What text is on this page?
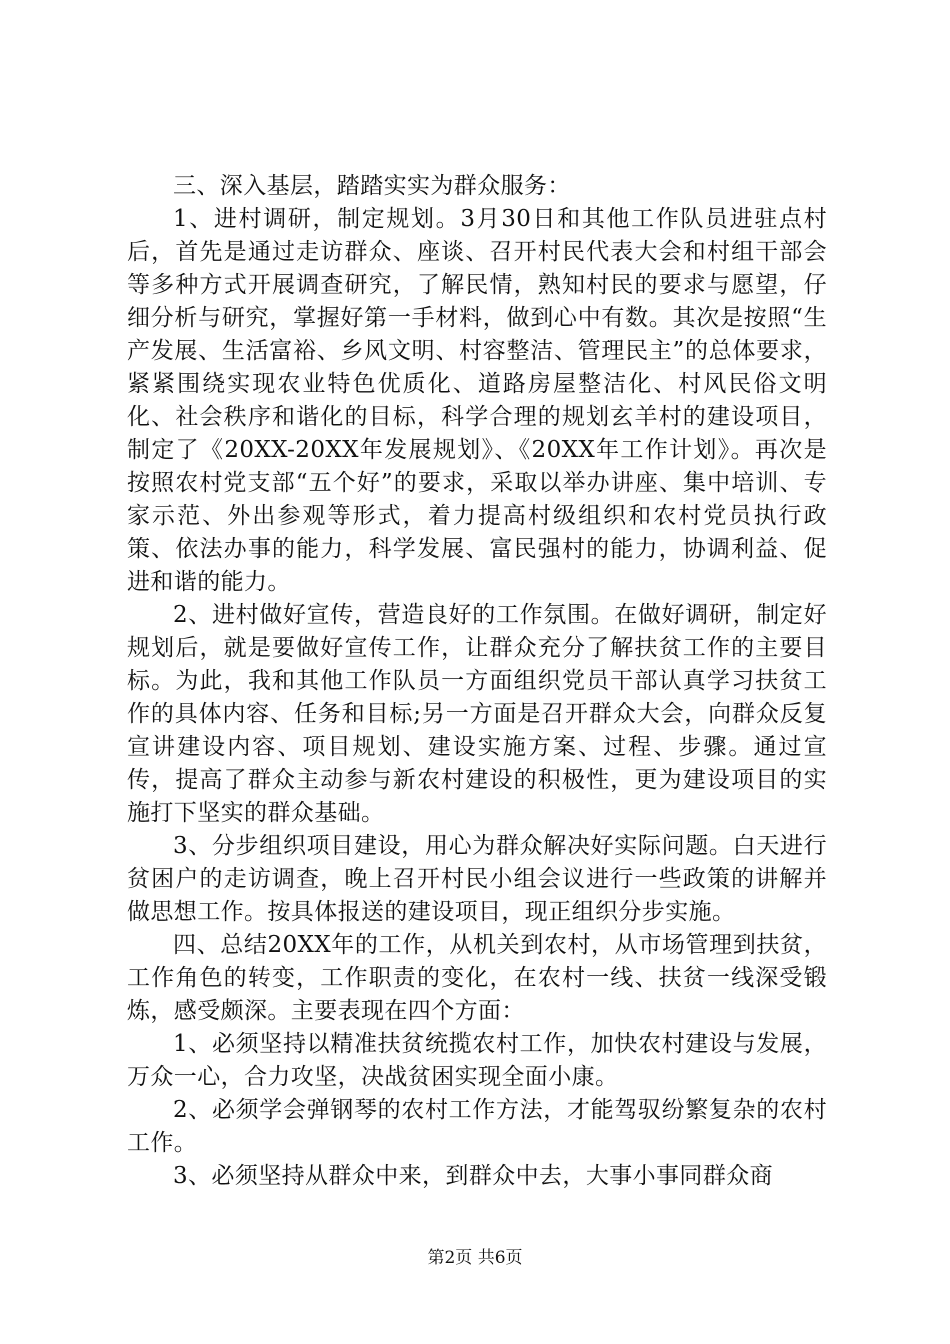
三、深入基层，踏踏实实为群众服务：

1、进村调研，制定规划。3月30日和其他工作队员进驻点村后，首先是通过走访群众、座谈、召开村民代表大会和村组干部会等多种方式开展调查研究，了解民情，熟知村民的要求与愿望，仔细分析与研究，掌握好第一手材料，做到心中有数。其次是按照“生产发展、生活富裕、乡风文明、村容整洁、管理民主”的总体要求，紧紧围绕实现农业特色优质化、道路房屋整洁化、村风民俗文明化、社会秩序和谐化的目标，科学合理的规划玄羊村的建设项目，制定了《20XX-20XX年发展规划》、《20XX年工作计划》。再次是按照农村党支部“五个好”的要求，采取以举办讲座、集中培训、专家示范、外出参观等形式，着力提高村级组织和农村党员执行政策、依法办事的能力，科学发展、富民强村的能力，协调利益、促进和谐的能力。

2、进村做好宣传，营造良好的工作氛围。在做好调研，制定好规划后，就是要做好宣传工作，让群众充分了解扶贫工作的主要目标。为此，我和其他工作队员一方面组织党员干部认真学习扶贫工作的具体内容、任务和目标;另一方面是召开群众大会，向群众反复宣讲建设内容、项目规划、建设实施方案、过程、步骤。通过宣传，提高了群众主动参与新农村建设的积极性，更为建设项目的实施打下坚实的群众基础。

3、分步组织项目建设，用心为群众解决好实际问题。白天进行贫困户的走访调查，晚上召开村民小组会议进行一些政策的讲解并做思想工作。按具体报送的建设项目，现正组织分步实施。

四、总结20XX年的工作，从机关到农村，从市场管理到扶贫，工作角色的转变，工作职责的变化，在农村一线、扶贫一线深受锻炼，感受颇深。主要表现在四个方面：

1、必须坚持以精准扶贫统揽农村工作，加快农村建设与发展，万众一心，合力攻坚，决战贫困实现全面小康。

2、必须学会弹钢琴的农村工作方法，才能驾驭纷繁复杂的农村工作。

3、必须坚持从群众中来，到群众中去，大事小事同群众商

第2页 共6页
